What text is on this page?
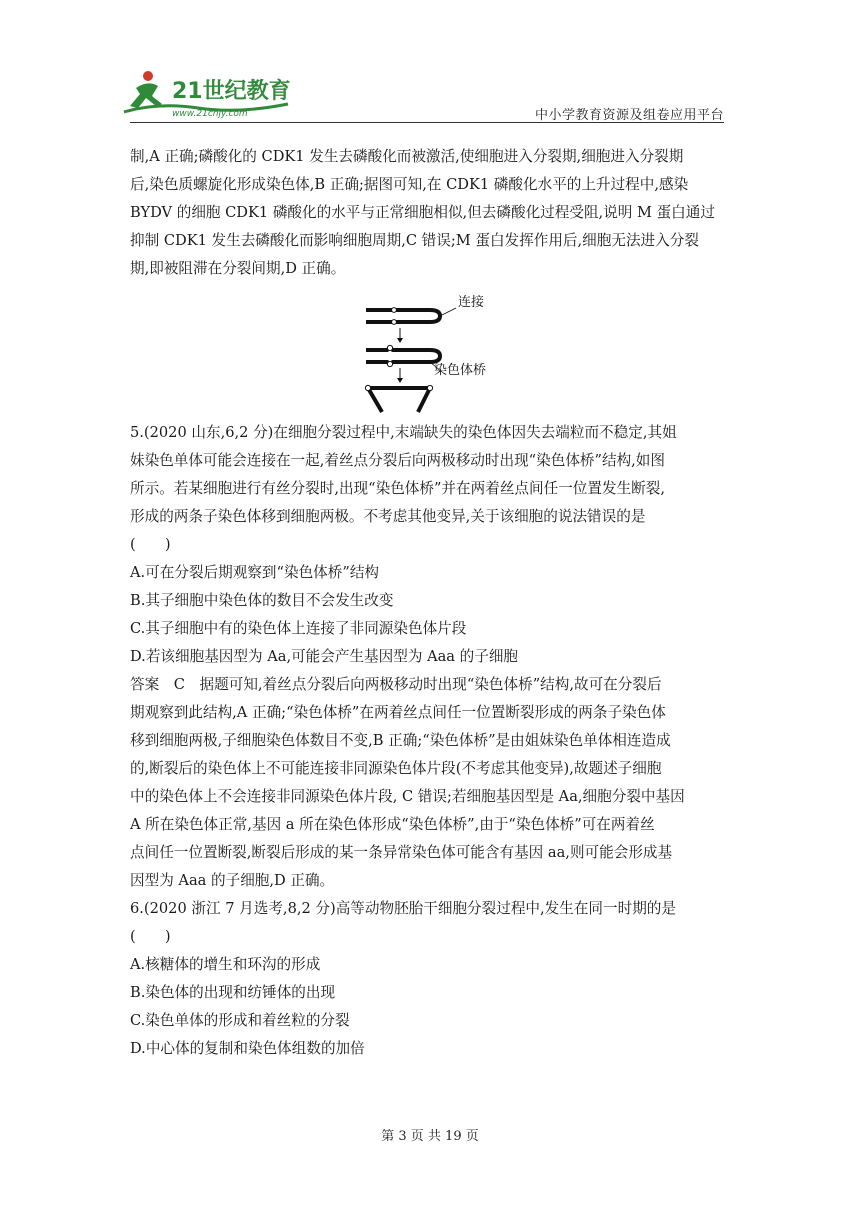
21世纪教育
www.21cnjy.com	中小学教育资源及组卷应用平台

制,A 正确;磷酸化的 CDK1 发生去磷酸化而被激活,使细胞进入分裂期,细胞进入分裂期

后,染色质螺旋化形成染色体,B 正确;据图可知,在 CDK1 磷酸化水平的上升过程中,感染

BYDV 的细胞 CDK1 磷酸化的水平与正常细胞相似,但去磷酸化过程受阻,说明 M 蛋白通过

抑制 CDK1 发生去磷酸化而影响细胞周期,C 错误;M 蛋白发挥作用后,细胞无法进入分裂

期,即被阻滞在分裂间期,D 正确。

5.(2020 山东,6,2 分)在细胞分裂过程中,末端缺失的染色体因失去端粒而不稳定,其姐

妹染色单体可能会连接在一起,着丝点分裂后向两极移动时出现“染色体桥”结构,如图

所示。若某细胞进行有丝分裂时,出现“染色体桥”并在两着丝点间任一位置发生断裂,

形成的两条子染色体移到细胞两极。不考虑其他变异,关于该细胞的说法错误的是

(　　)

A.可在分裂后期观察到“染色体桥”结构

B.其子细胞中染色体的数目不会发生改变

C.其子细胞中有的染色体上连接了非同源染色体片段

D.若该细胞基因型为 Aa,可能会产生基因型为 Aaa 的子细胞

答案　C　据题可知,着丝点分裂后向两极移动时出现“染色体桥”结构,故可在分裂后

期观察到此结构,A 正确;“染色体桥”在两着丝点间任一位置断裂形成的两条子染色体

移到细胞两极,子细胞染色体数目不变,B 正确;“染色体桥”是由姐妹染色单体相连造成

的,断裂后的染色体上不可能连接非同源染色体片段(不考虑其他变异),故题述子细胞

中的染色体上不会连接非同源染色体片段, C 错误;若细胞基因型是 Aa,细胞分裂中基因

A 所在染色体正常,基因 a 所在染色体形成“染色体桥”,由于“染色体桥”可在两着丝

点间任一位置断裂,断裂后形成的某一条异常染色体可能含有基因 aa,则可能会形成基

因型为 Aaa 的子细胞,D 正确。

6.(2020 浙江 7 月选考,8,2 分)高等动物胚胎干细胞分裂过程中,发生在同一时期的是

(　　)

A.核糖体的增生和环沟的形成

B.染色体的出现和纺锤体的出现

C.染色单体的形成和着丝粒的分裂

D.中心体的复制和染色体组数的加倍

连接
染色体桥
第 3 页 共 19 页
